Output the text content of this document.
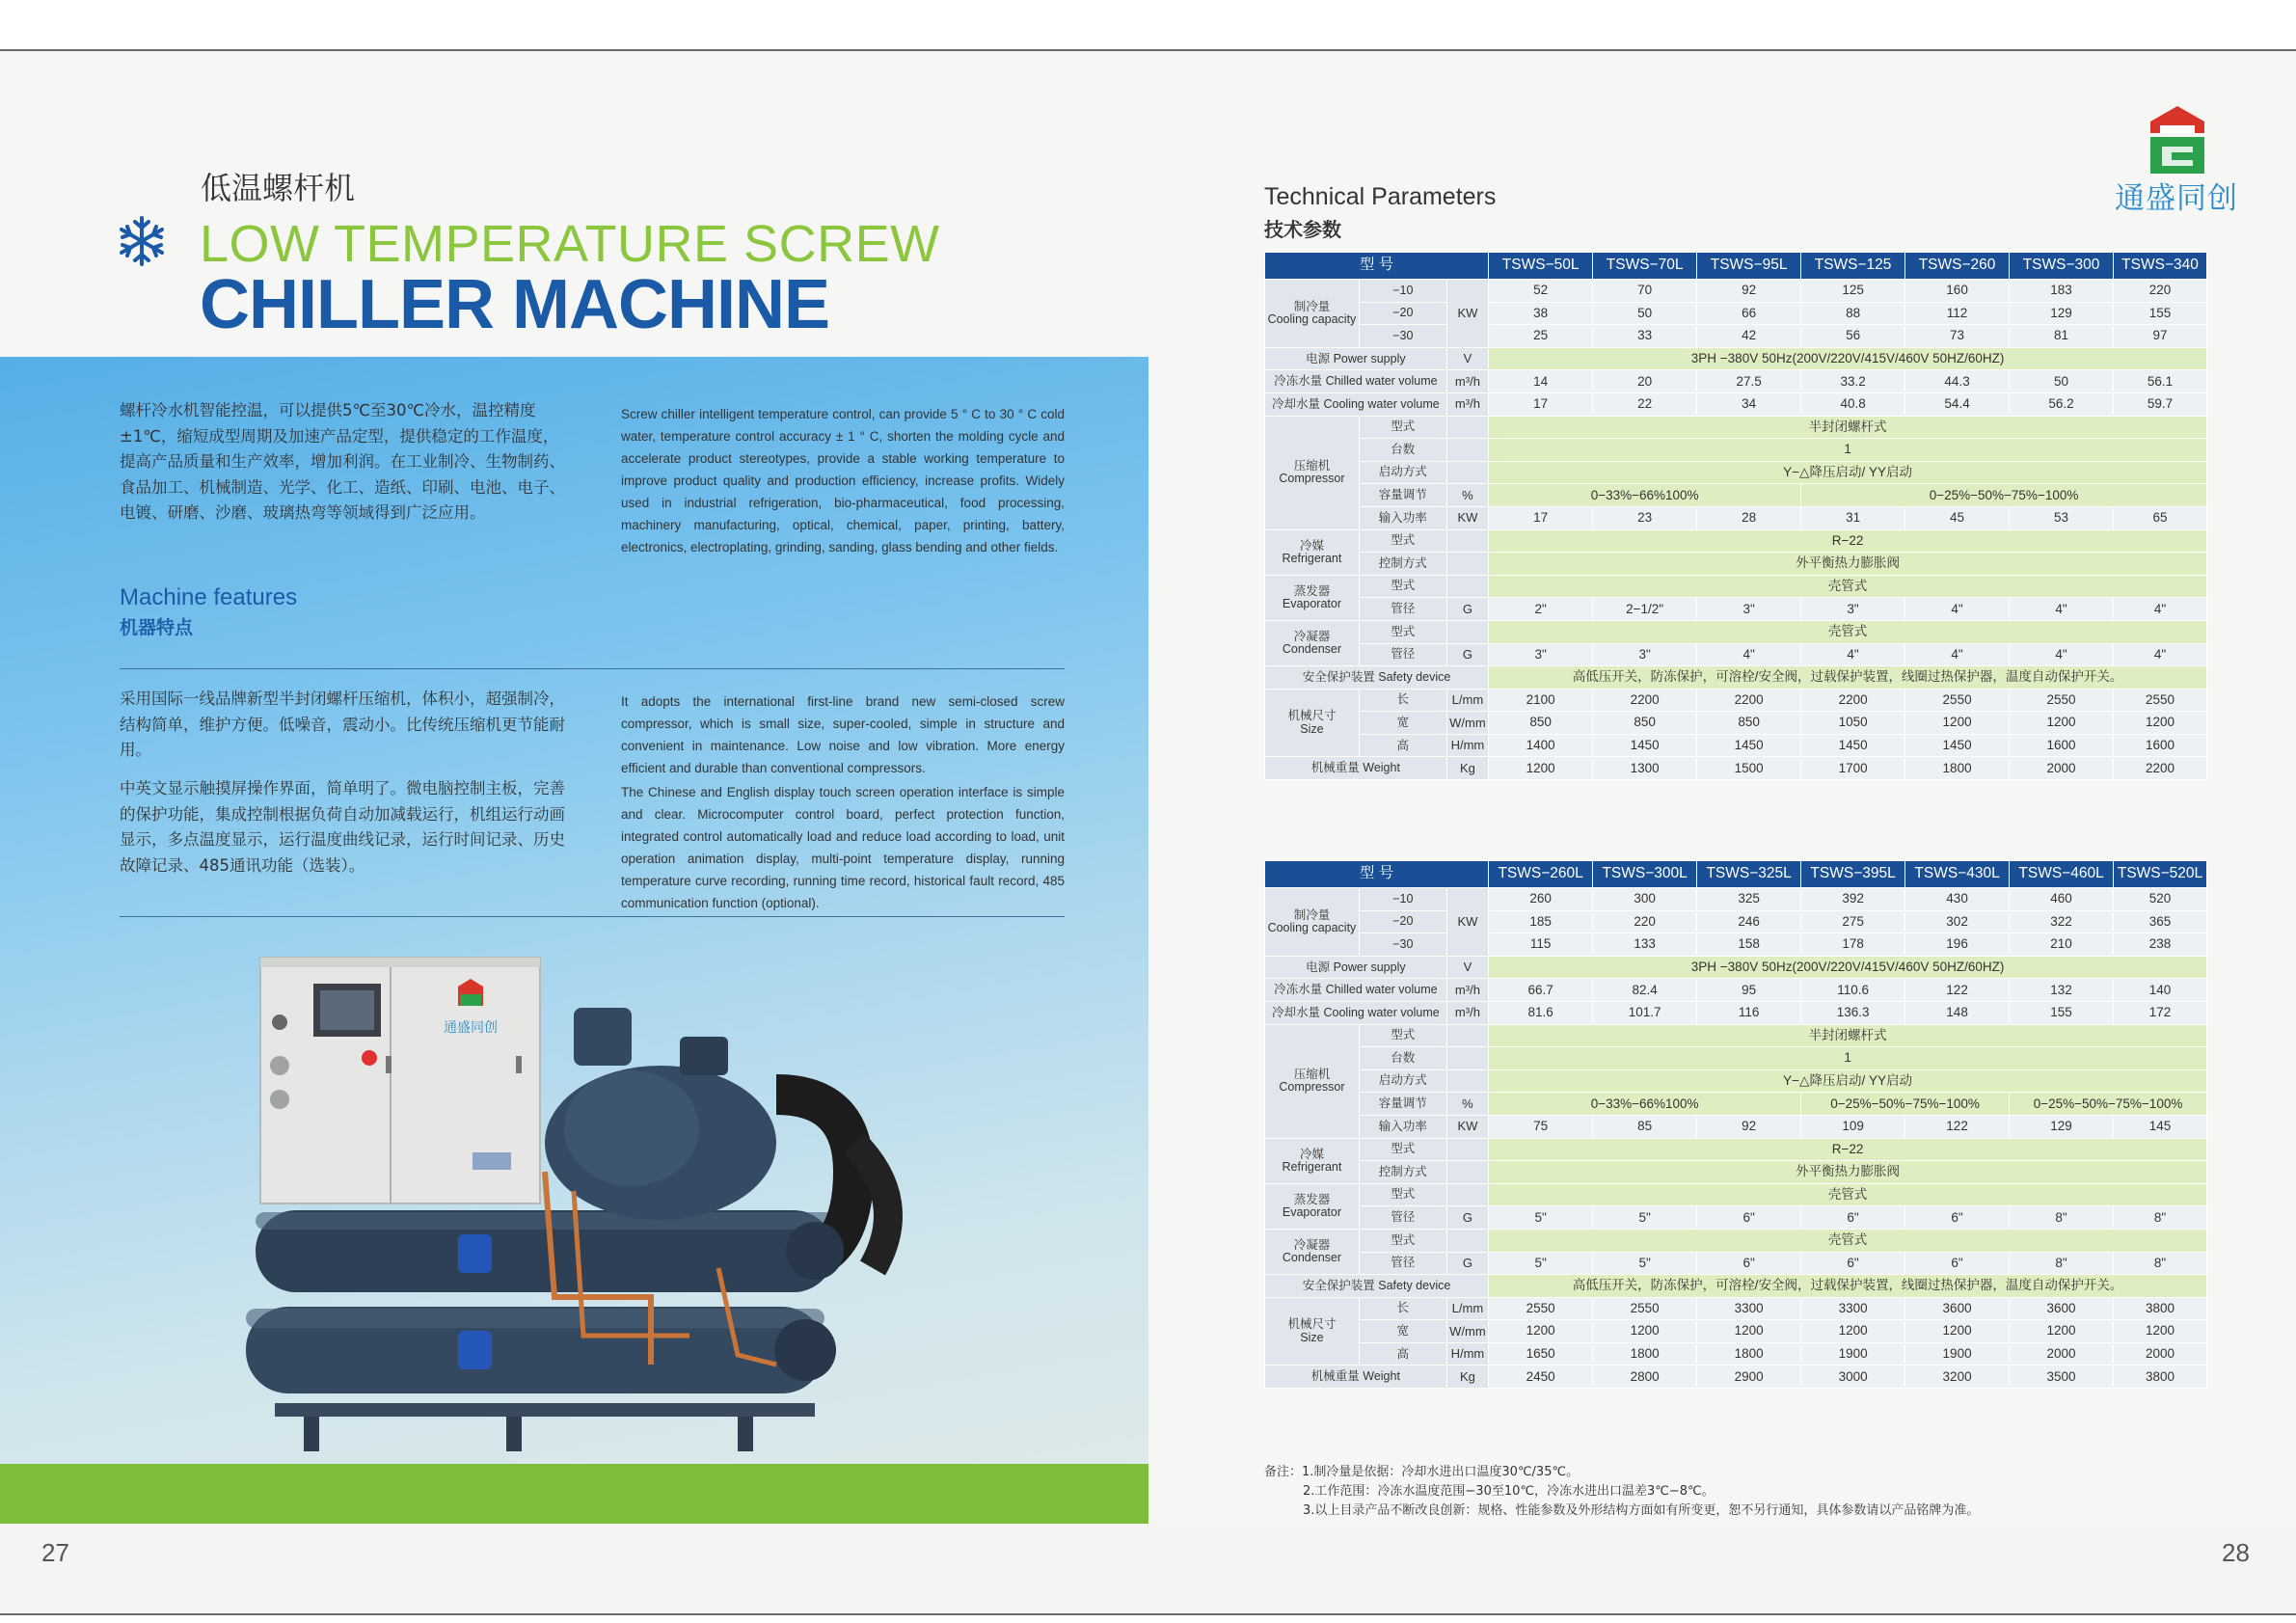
低温螺杆机
LOW TEMPERATURE SCREW
CHILLER MACHINE

螺杆冷水机智能控温，可以提供5℃至30℃冷水，温控精度±1℃，缩短成型周期及加速产品定型，提供稳定的工作温度，提高产品质量和生产效率，增加利润。在工业制冷、生物制药、食品加工、机械制造、光学、化工、造纸、印刷、电池、电子、电镀、研磨、沙磨、玻璃热弯等领域得到广泛应用。

Screw chiller intelligent temperature control, can provide 5 ° C to 30 ° C cold water, temperature control accuracy ± 1 ° C, shorten the molding cycle and accelerate product stereotypes, provide a stable working temperature to improve product quality and production efficiency, increase profits. Widely used in industrial refrigeration, bio-pharmaceutical, food processing, machinery manufacturing, optical, chemical, paper, printing, battery, electronics, electroplating, grinding, sanding, glass bending and other fields.

Machine features
机器特点

采用国际一线品牌新型半封闭螺杆压缩机，体积小，超强制冷，结构简单，维护方便。低噪音，震动小。比传统压缩机更节能耐用。

It adopts the international first-line brand new semi-closed screw compressor, which is small size, super-cooled, simple in structure and convenient in maintenance. Low noise and low vibration. More energy efficient and durable than conventional compressors.

中英文显示触摸屏操作界面，简单明了。微电脑控制主板，完善的保护功能，集成控制根据负荷自动加减载运行，机组运行动画显示，多点温度显示，运行温度曲线记录，运行时间记录、历史故障记录、485通讯功能（选装）。

The Chinese and English display touch screen operation interface is simple and clear. Microcomputer control board, perfect protection function, integrated control automatically load and reduce load according to load, unit operation animation display, multi-point temperature display, running temperature curve recording, running time record, historical fault record, 485 communication function (optional).

通盛同创
27
通盛同创
Technical Parameters
技术参数
型 号			TSWS−50L	TSWS−70L	TSWS−95L	TSWS−125	TSWS−260	TSWS−300	TSWS−340
制冷量
Cooling capacity	−10	KW	52	70	92	125	160	183	220
	−20		38	50	66	88	112	129	155
	−30		25	33	42	56	73	81	97
电源 Power supply		V	3PH −380V 50Hz(200V/220V/415V/460V 50HZ/60HZ)						
冷冻水量 Chilled water volume		m³/h	14	20	27.5	33.2	44.3	50	56.1
冷却水量 Cooling water volume		m³/h	17	22	34	40.8	54.4	56.2	59.7
压缩机
Compressor	型式		半封闭螺杆式						
	台数		1						
	启动方式		Y−△降压启动/ YY启动						
	容量调节	%	0−33%−66%100%			0−25%−50%−75%−100%			
	输入功率	KW	17	23	28	31	45	53	65
冷媒
Refrigerant	型式		R−22						
	控制方式		外平衡热力膨胀阀						
蒸发器
Evaporator	型式		壳管式						
	管径	G	2"	2−1/2"	3"	3"	4"	4"	4"
冷凝器
Condenser	型式		壳管式						
	管径	G	3"	3"	4"	4"	4"	4"	4"
安全保护装置 Safety device			高低压开关，防冻保护，可溶栓/安全阀，过载保护装置，线圈过热保护器，温度自动保护开关。						
机械尺寸
Size	长	L/mm	2100	2200	2200	2200	2550	2550	2550
	宽	W/mm	850	850	850	1050	1200	1200	1200
	高	H/mm	1400	1450	1450	1450	1450	1600	1600
机械重量 Weight		Kg	1200	1300	1500	1700	1800	2000	2200
型 号			TSWS−260L	TSWS−300L	TSWS−325L	TSWS−395L	TSWS−430L	TSWS−460L	TSWS−520L
制冷量
Cooling capacity	−10	KW	260	300	325	392	430	460	520
	−20		185	220	246	275	302	322	365
	−30		115	133	158	178	196	210	238
电源 Power supply		V	3PH −380V 50Hz(200V/220V/415V/460V 50HZ/60HZ)						
冷冻水量 Chilled water volume		m³/h	66.7	82.4	95	110.6	122	132	140
冷却水量 Cooling water volume		m³/h	81.6	101.7	116	136.3	148	155	172
压缩机
Compressor	型式		半封闭螺杆式						
	台数		1						
	启动方式		Y−△降压启动/ YY启动						
	容量调节	%	0−33%−66%100%			0−25%−50%−75%−100%		0−25%−50%−75%−100%	
	输入功率	KW	75	85	92	109	122	129	145
冷媒
Refrigerant	型式		R−22						
	控制方式		外平衡热力膨胀阀						
蒸发器
Evaporator	型式		壳管式						
	管径	G	5"	5"	6"	6"	6"	8"	8"
冷凝器
Condenser	型式		壳管式						
	管径	G	5"	5"	6"	6"	6"	8"	8"
安全保护装置 Safety device			高低压开关，防冻保护，可溶栓/安全阀，过载保护装置，线圈过热保护器，温度自动保护开关。						
机械尺寸
Size	长	L/mm	2550	2550	3300	3300	3600	3600	3800
	宽	W/mm	1200	1200	1200	1200	1200	1200	1200
	高	H/mm	1650	1800	1800	1900	1900	2000	2000
机械重量 Weight		Kg	2450	2800	2900	3000	3200	3500	3800
备注：1.制冷量是依据：冷却水进出口温度30℃/35℃。
2.工作范围：冷冻水温度范围−30至10℃，冷冻水进出口温差3℃−8℃。
3.以上目录产品不断改良创新：规格、性能参数及外形结构方面如有所变更，恕不另行通知，具体参数请以产品铭牌为准。
28
